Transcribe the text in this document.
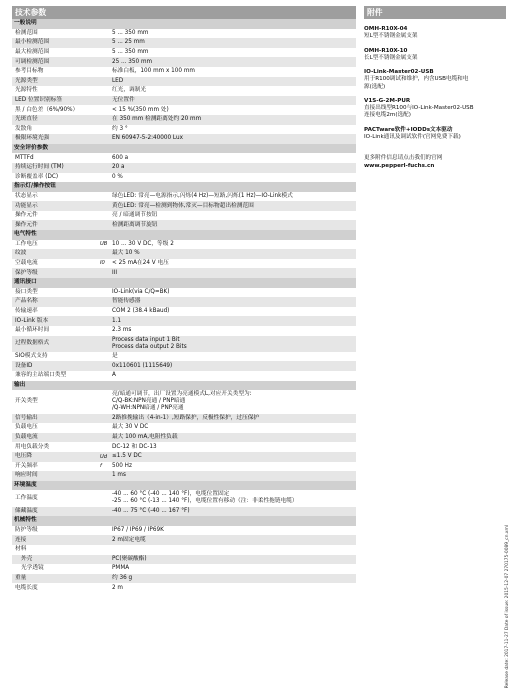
技术参数
一般说明
检测范围	5 ... 350 mm
最小检测范围	5 ... 25 mm
最大检测范围	5 ... 350 mm
可调检测范围	25 ... 350 mm
参考目标物	标准白板，100 mm x 100 mm
光源类型	LED
光源特性	红光，调制光
LED 位置识别标签	无位置件
黑 / 白色差（6%/90%）	< 15 %(350 mm 处)
光斑直径	在 350 mm 检测距离处约 20 mm
发散角	约 3 °
极限环境光强	EN 60947-5-2:40000 Lux
安全评价参数
MTTFd	600 a
持续运行时间 (TM)	20 a
诊断覆盖率 (DC)	0 %
指示灯/操作按钮
状态显示	绿色LED: 常亮—电源指示,闪烁(4 Hz)—短路,闪烁(1 Hz)—IO-Link模式
功能显示	黄色LED: 常亮—检测到物体,常灭—目标物超出检测范围
操作元件	亮 / 暗通调节按钮
操作元件	检测距离调节旋钮
电气特性
工作电压	UB 10 ... 30 V DC，等级 2
纹波	最大 10 %
空载电流	I0	< 25 mA在24 V 电压
保护等级	III
通讯接口
接口类型	IO-Link(via C/Q=BK)
产品名称	智能传感器
传输速率	COM 2 (38.4 kBaud)
IO-Link 版本	1.1
最小循环时间	2.3 ms
过程数据格式
Process data input 1 Bit
Process data output 2 Bits
SIO模式支持	是
设备ID	0x110601 (1115649)
兼容的主站端口类型	A
输出
开关类型
亮/暗通可调节，出厂设置为亮通模式L,对应开关类型为:
C/Q-BK:NPN亮通 / PNP暗通
/Q-WH:NPN暗通 / PNP亮通
信号输出	2路推挽输出（4-in-1）,短路保护，反极性保护，过压保护
负载电压	最大 30 V DC
负载电流	最大 100 mA,电阻性负载
用电负载分类	DC-12 和 DC-13
电压降	Ud ≤1.5 V DC
开关频率	f	500 Hz
响应时间	1 ms
环境温度
工作温度
-40 ... 60 °C (-40 ... 140 °F)，电缆位置固定
-25 ... 60 °C (-13 ... 140 °F)，电缆位置有移动（注：非柔性拖链电缆）
储藏温度	-40 ... 75 °C (-40 ... 167 °F)
机械特性
防护等级	IP67 / IP69 / IP69K
连接	2 m固定电缆
材料
外壳	PC(聚碳酸酯)
光学透镜	PMMA
重量	约 36 g
电缆长度	2 m
附件
OMH-R10X-04
短L型不锈钢金属支架
OMH-R10X-10
长L型不锈钢金属支架
IO-Link-Master02-USB
用于R100调试和维护，内含USB电缆和电
源(选配)
V1S-G-2M-PUR
直接出线型R100与IO-Link-Master02-USB
连接电缆2m(选配)
PACTware软件+IODDs文本驱动
IO-Link通讯及调试软件(官网免费下载)
更多附件信息请点击我们的官网
www.pepperl-fuchs.cn
Release date: 2017-11-27 Date of issue: 2015-12-07 270175-0089_cn.xml
